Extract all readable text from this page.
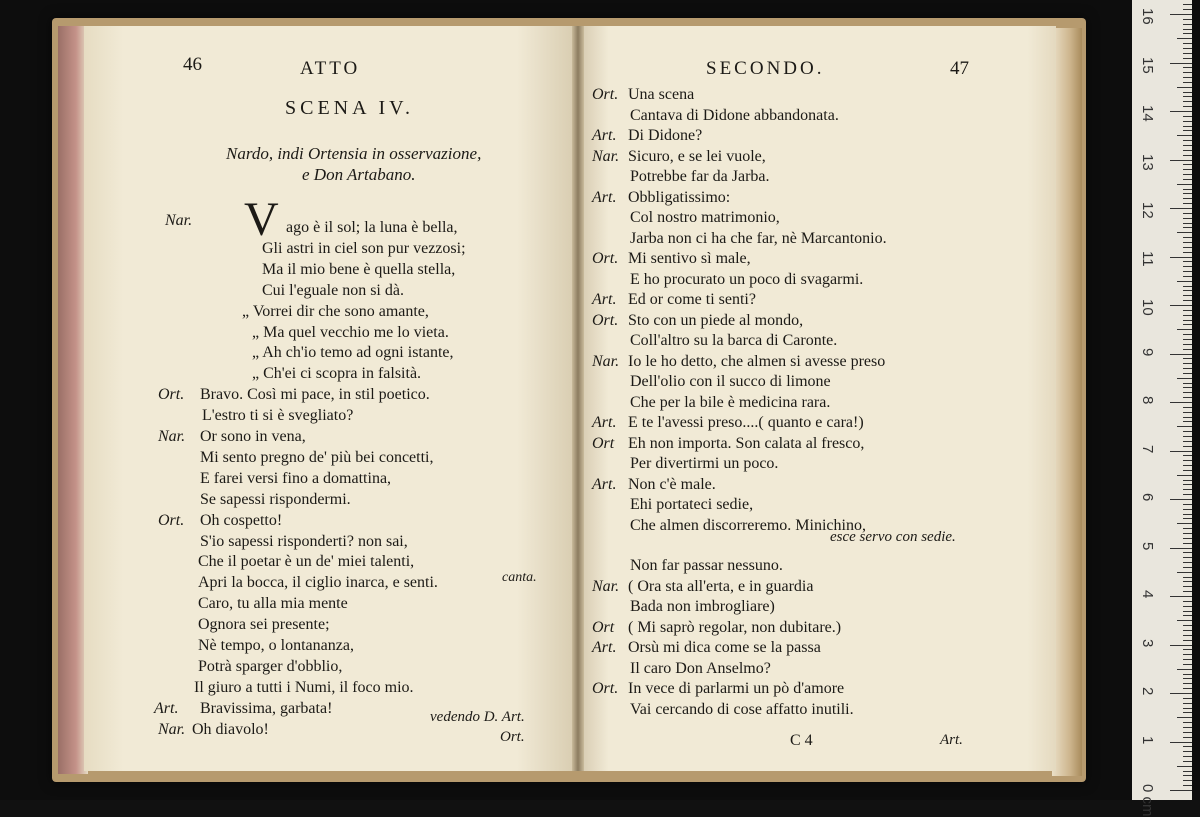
46	ATTO
SCENA IV.
Nardo, indi Ortensia in osservazione,
e Don Artabano.
V
Nar.	ago è il sol; la luna è bella,
Gli astri in ciel son pur vezzosi;
Ma il mio bene è quella stella,
Cui l'eguale non si dà.
„ Vorrei dir che sono amante,
„ Ma quel vecchio me lo vieta.
„ Ah ch'io temo ad ogni istante,
„ Ch'ei ci scopra in falsità.
Ort. Bravo. Così mi pace, in stil poetico.
L'estro ti si è svegliato?
Nar. Or sono in vena,
Mi sento pregno de' più bei concetti,
E farei versi fino a domattina,
Se sapessi rispondermi.
Ort. Oh cospetto!
S'io sapessi risponderti? non sai,
Che il poetar è un de' miei talenti,
Apri la bocca, il ciglio inarca, e senti.
Caro, tu alla mia mente
Ognora sei presente;
Nè tempo, o lontananza,
Potrà sparger d'obblio,
Il giuro a tutti i Numi, il foco mio.
Art. Bravissima, garbata!
Nar. Oh diavolo!
canta.
vedendo D. Art.
Ort.
SECONDO.	47
Ort. Una scena
Cantava di Didone abbandonata.
Art. Di Didone?
Nar. Sicuro, e se lei vuole,
Potrebbe far da Jarba.
Art. Obbligatissimo:
Col nostro matrimonio,
Jarba non ci ha che far, nè Marcantonio.
Ort. Mi sentivo sì male,
E ho procurato un poco di svagarmi.
Art. Ed or come ti senti?
Ort. Sto con un piede al mondo,
Coll'altro su la barca di Caronte.
Nar. Io le ho detto, che almen si avesse preso
Dell'olio con il succo di limone
Che per la bile è medicina rara.
Art. E te l'avessi preso....( quanto e cara!)
Ort Eh non importa. Son calata al fresco,
Per divertirmi un poco.
Art. Non c'è male.
Ehi portateci sedie,
Che almen discorreremo. Minichino,
Non far passar nessuno.
Nar. ( Ora sta all'erta, e in guardia
Bada non imbrogliare)
Ort ( Mi saprò regolar, non dubitare.)
Art. Orsù mi dica come se la passa
Il caro Don Anselmo?
Ort. In vece di parlarmi un pò d'amore
Vai cercando di cose affatto inutili.
esce servo con sedie.
C 4	Art.
16
15
14
13
12
11
10
9
8
7
6
5
4
3
2
1
0 cm
